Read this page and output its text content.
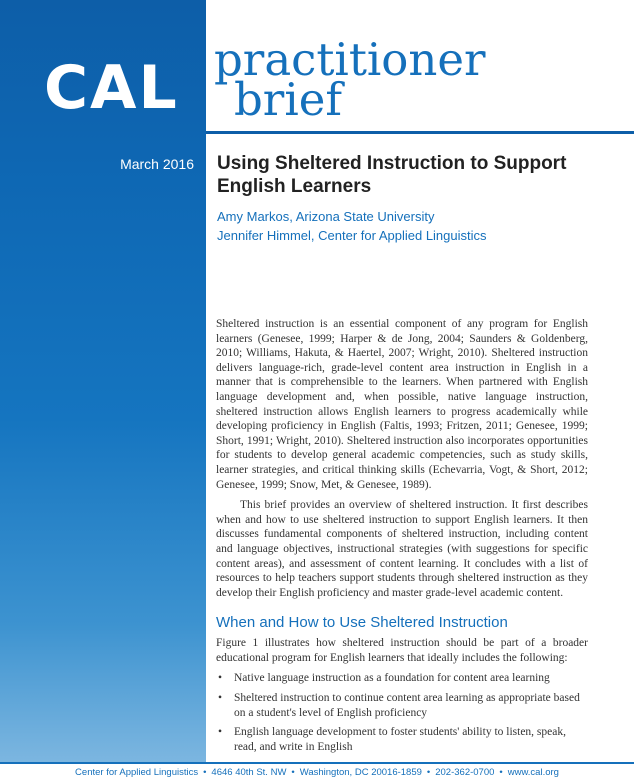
CAL practitioner
brief
March 2016 Using Sheltered Instruction to Support English Learners
Amy Markos, Arizona State University
Jennifer Himmel, Center for Applied Linguistics

Sheltered instruction is an essential component of any program for English learners (Genesee, 1999; Harper & de Jong, 2004; Saunders & Goldenberg, 2010; Williams, Hakuta, & Haertel, 2007; Wright, 2010). Sheltered instruction delivers language-rich, grade-level content area instruction in English in a manner that is comprehensible to the learners. When partnered with English language development and, when possible, native language instruction, sheltered instruction allows English learners to progress academically while developing proficiency in English (Faltis, 1993; Fritzen, 2011; Genesee, 1999; Short, 1991; Wright, 2010). Sheltered instruction also incorporates opportunities for students to develop general academic competencies, such as study skills, learner strategies, and critical thinking skills (Echevarria, Vogt, & Short, 2012; Genesee, 1999; Snow, Met, & Genesee, 1989).

This brief provides an overview of sheltered instruction. It first describes when and how to use sheltered instruction to support English learners. It then discusses fundamental components of sheltered instruction, including content and language objectives, instructional strategies (with suggestions for specific content areas), and assessment of content learning. It concludes with a list of resources to help teachers support students through sheltered instruction as they develop their English proficiency and master grade-level academic content.

When and How to Use Sheltered Instruction

Figure 1 illustrates how sheltered instruction should be part of a broader educational program for English learners that ideally includes the following:

• Native language instruction as a foundation for content area learning
• Sheltered instruction to continue content area learning as appropriate based on a student's level of English proficiency
• English language development to foster students' ability to listen, speak, read, and write in English
Center for Applied Linguistics • 4646 40th St. NW • Washington, DC 20016-1859 • 202-362-0700 • www.cal.org
